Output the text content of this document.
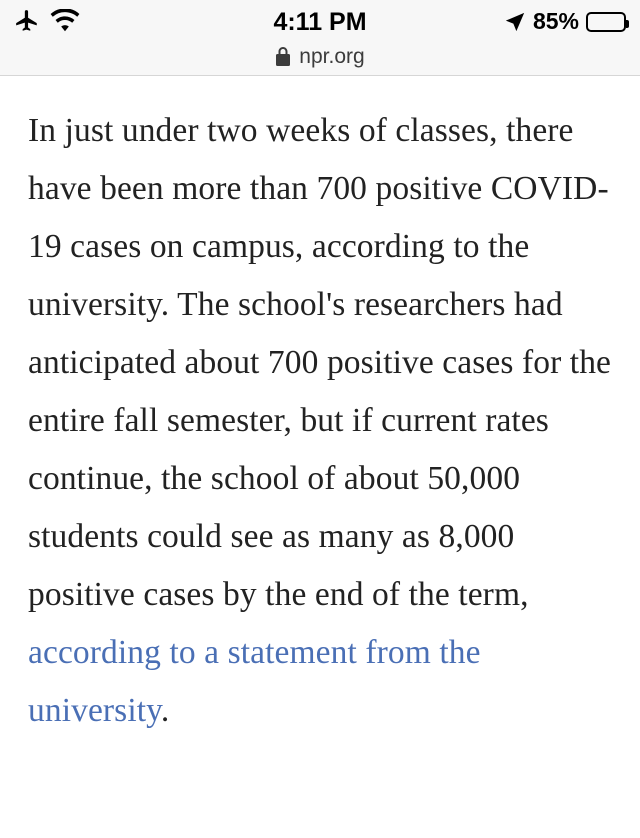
4:11 PM	85%
npr.org

In just under two weeks of classes, there have been more than 700 positive COVID-19 cases on campus, according to the university. The school's researchers had anticipated about 700 positive cases for the entire fall semester, but if current rates continue, the school of about 50,000 students could see as many as 8,000 positive cases by the end of the term, according to a statement from the university.
